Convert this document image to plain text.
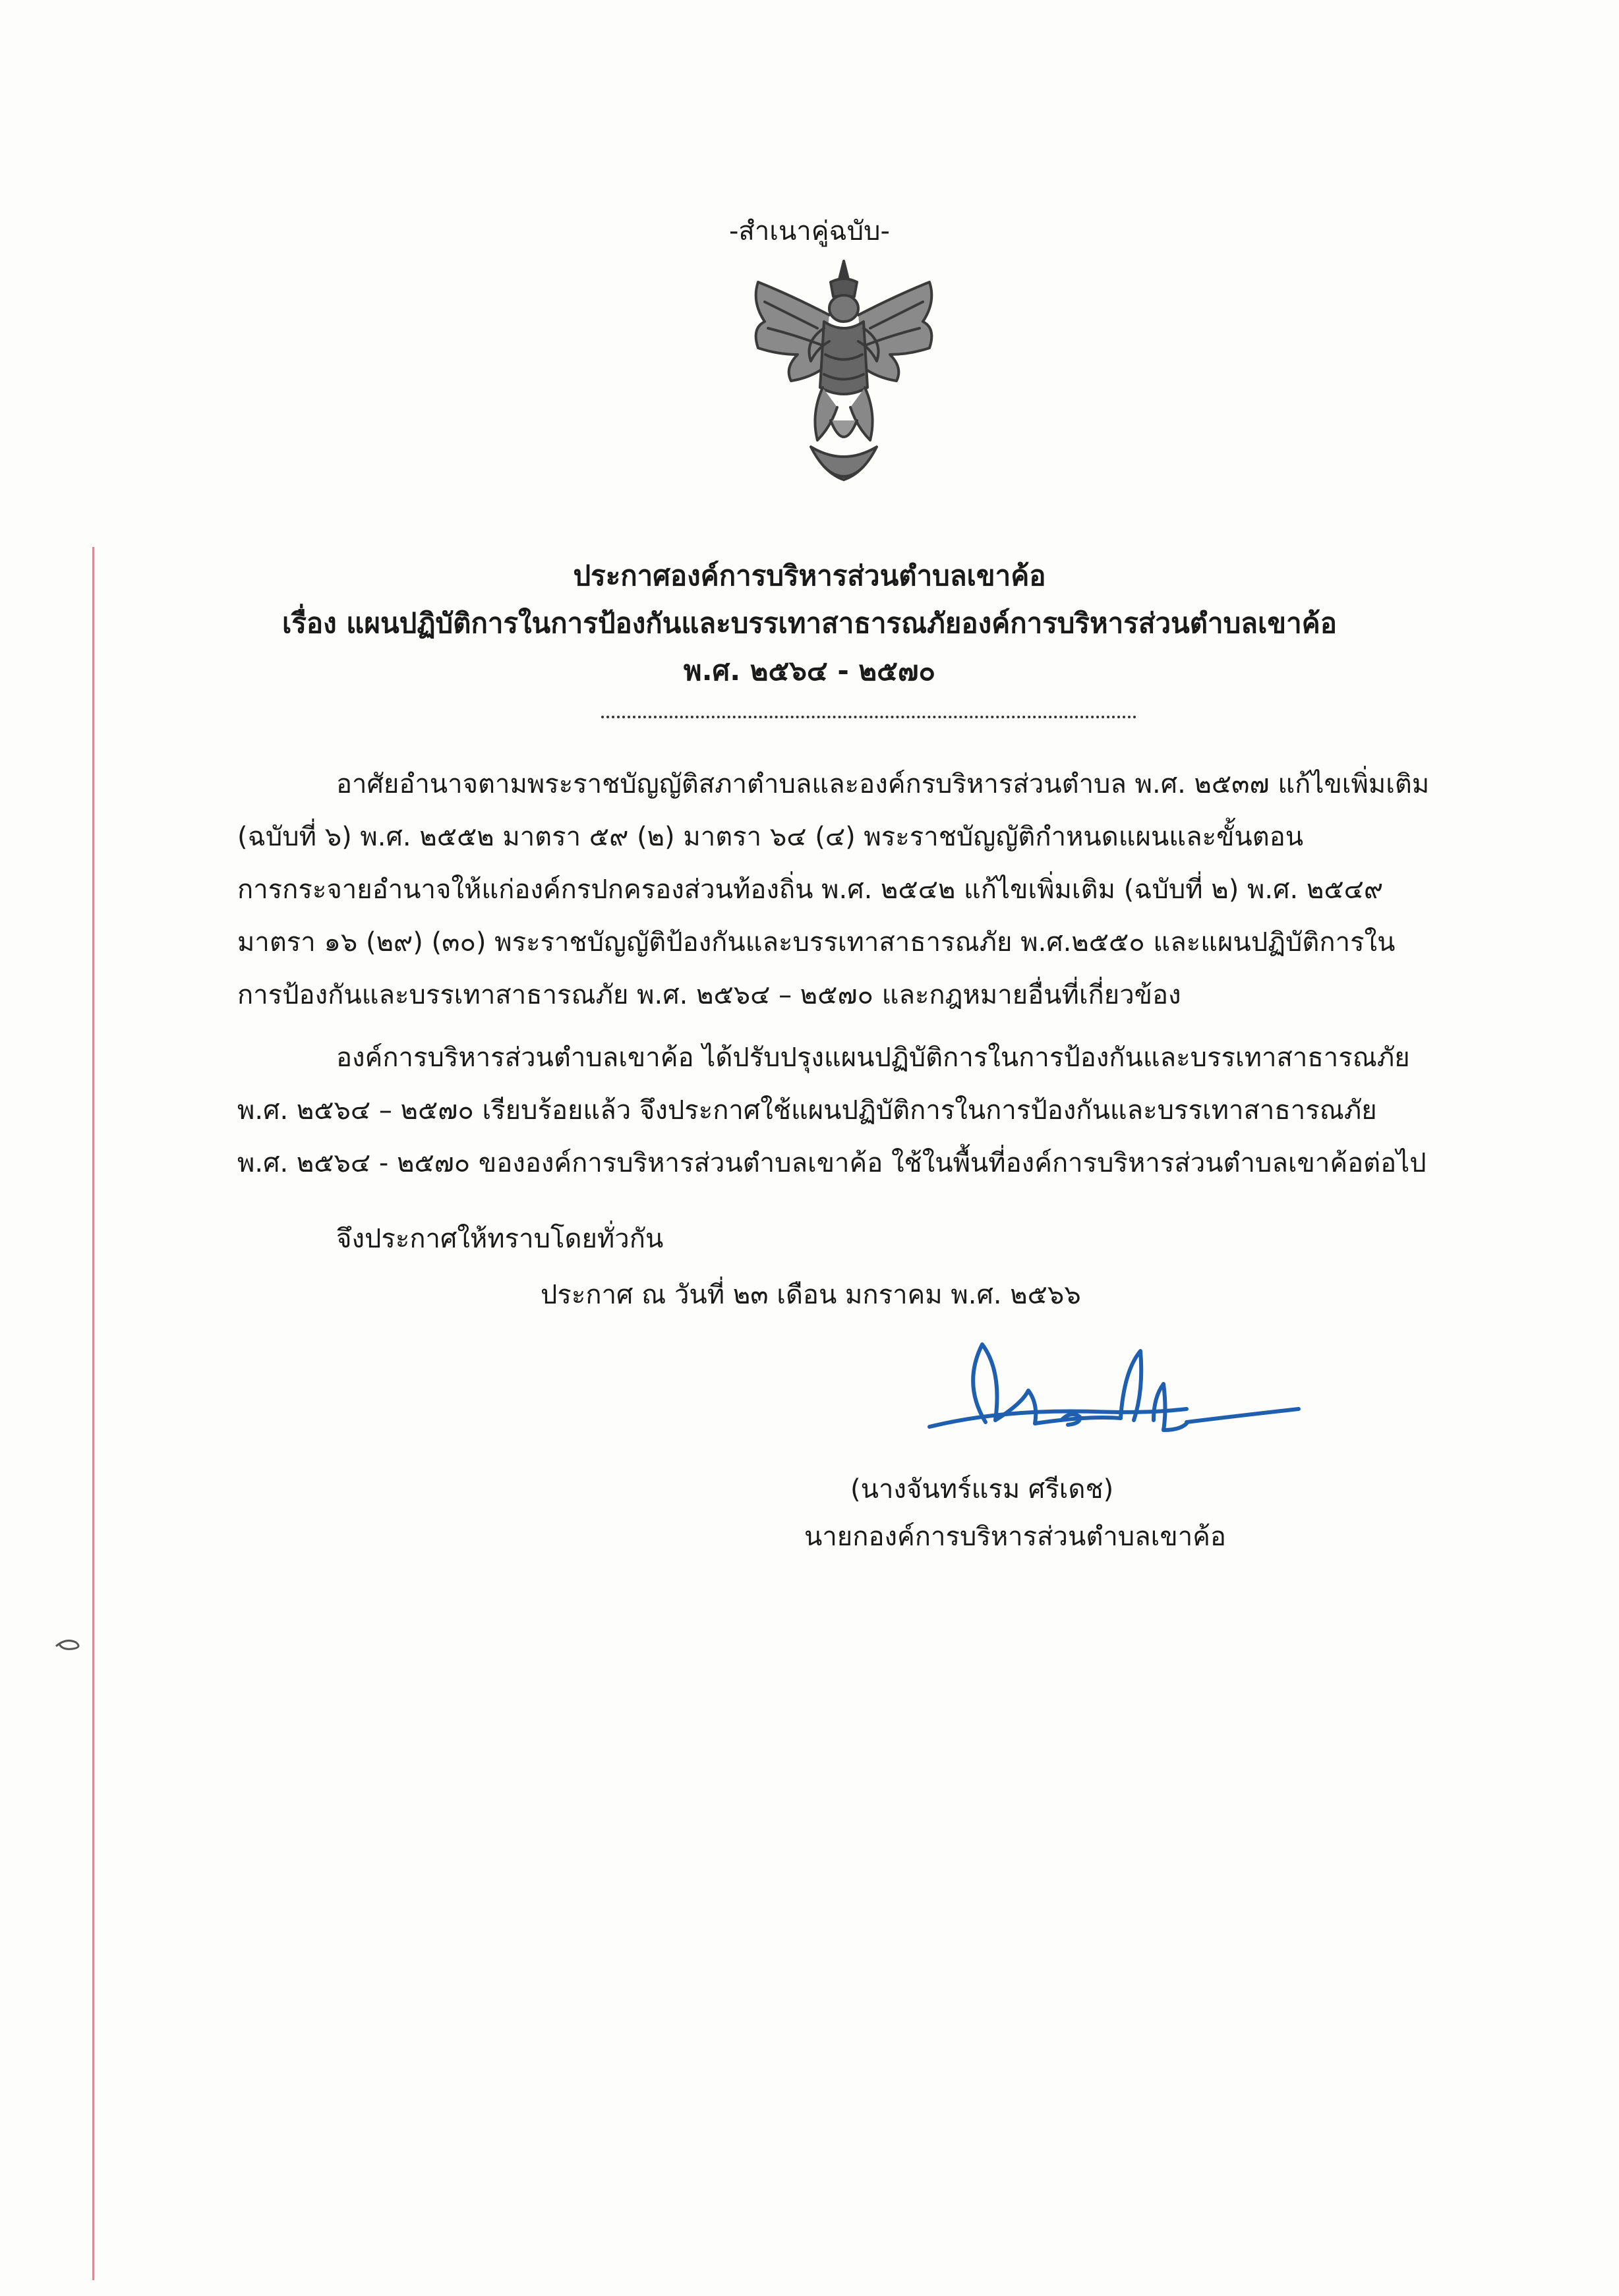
-สำเนาคู่ฉบับ-
ประกาศองค์การบริหารส่วนตำบลเขาค้อ
เรื่อง แผนปฏิบัติการในการป้องกันและบรรเทาสาธารณภัยองค์การบริหารส่วนตำบลเขาค้อ
พ.ศ. ๒๕๖๔ - ๒๕๗๐
อาศัยอำนาจตามพระราชบัญญัติสภาตำบลและองค์กรบริหารส่วนตำบล พ.ศ. ๒๕๓๗ แก้ไขเพิ่มเติม
(ฉบับที่ ๖) พ.ศ. ๒๕๕๒ มาตรา ๕๙ (๒) มาตรา ๖๔ (๔) พระราชบัญญัติกำหนดแผนและขั้นตอน
การกระจายอำนาจให้แก่องค์กรปกครองส่วนท้องถิ่น พ.ศ. ๒๕๔๒ แก้ไขเพิ่มเติม (ฉบับที่ ๒) พ.ศ. ๒๕๔๙
มาตรา ๑๖ (๒๙) (๓๐) พระราชบัญญัติป้องกันและบรรเทาสาธารณภัย พ.ศ.๒๕๕๐ และแผนปฏิบัติการใน
การป้องกันและบรรเทาสาธารณภัย พ.ศ. ๒๕๖๔ – ๒๕๗๐ และกฎหมายอื่นที่เกี่ยวข้อง
องค์การบริหารส่วนตำบลเขาค้อ ได้ปรับปรุงแผนปฏิบัติการในการป้องกันและบรรเทาสาธารณภัย
พ.ศ. ๒๕๖๔ – ๒๕๗๐ เรียบร้อยแล้ว จึงประกาศใช้แผนปฏิบัติการในการป้องกันและบรรเทาสาธารณภัย
พ.ศ. ๒๕๖๔ - ๒๕๗๐ ขององค์การบริหารส่วนตำบลเขาค้อ ใช้ในพื้นที่องค์การบริหารส่วนตำบลเขาค้อต่อไป
จึงประกาศให้ทราบโดยทั่วกัน
ประกาศ ณ วันที่ ๒๓ เดือน มกราคม พ.ศ. ๒๕๖๖
(นางจันทร์แรม ศรีเดช)
นายกองค์การบริหารส่วนตำบลเขาค้อ
